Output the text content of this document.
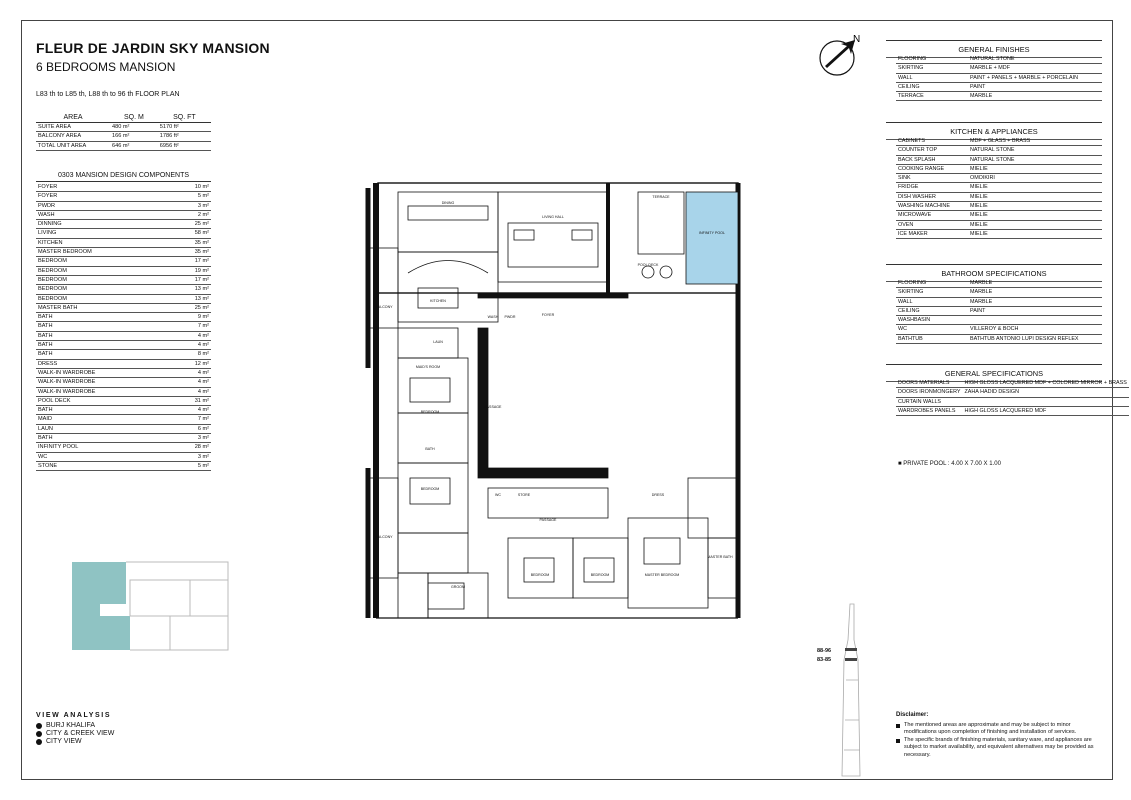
FLEUR DE JARDIN SKY MANSION
6 BEDROOMS MANSION
L83 th to L85 th, L88 th to 96 th FLOOR PLAN
AREA	SQ. M	SQ. FT
SUITE AREA	480 m²	5170 ft²
BALCONY AREA	166 m²	1786 ft²
TOTAL UNIT AREA	646 m²	6956 ft²
0303 MANSION DESIGN COMPONENTS
FOYER	10 m²
FOYER	5 m²
PWDR	3 m²
WASH	2 m²
DINNING	25 m²
LIVING	58 m²
KITCHEN	35 m²
MASTER BEDROOM	35 m²
BEDROOM	17 m²
BEDROOM	19 m²
BEDROOM	17 m²
BEDROOM	13 m²
BEDROOM	13 m²
MASTER BATH	25 m²
BATH	9 m²
BATH	7 m²
BATH	4 m²
BATH	4 m²
BATH	8 m²
DRESS	12 m²
WALK-IN WARDROBE	4 m²
WALK-IN WARDROBE	4 m²
WALK-IN WARDROBE	4 m²
POOL DECK	31 m²
BATH	4 m²
MAID	7 m²
LAUN	6 m²
BATH	3 m²
INFINITY POOL	28 m²
WC	3 m²
STONE	5 m²
GENERAL FINISHES
FLOORING	NATURAL STONE
SKIRTING	MARBLE + MDF
WALL	PAINT + PANELS + MARBLE + PORCELAIN
CEILING	PAINT
TERRACE	MARBLE
KITCHEN & APPLIANCES
CABINETS	MDF + GLASS + BRASS
COUNTER TOP	NATURAL STONE
BACK SPLASH	NATURAL STONE
COOKING RANGE	MIELIE
SINK	OMOIKIRI
FRIDGE	MIELIE
DISH WASHER	MIELIE
WASHING MACHINE	MIELIE
MICROWAVE	MIELIE
OVEN	MIELIE
ICE MAKER	MIELIE
BATHROOM SPECIFICATIONS
FLOORING	MARBLE
SKIRTING	MARBLE
WALL	MARBLE
CEILING	PAINT
WASHBASIN	
WC	VILLEROY & BOCH
BATHTUB	BATHTUB ANTONIO LUPI DESIGN REFLEX
GENERAL SPECIFICATIONS
DOORS MATERIALS	HIGH GLOSS LACQUERED MDF + COLORED MIRROR + BRASS
DOORS IRONMONGERY	ZAHA HADID DESIGN
CURTAIN WALLS	
WARDROBES PANELS	HIGH GLOSS LACQUERED MDF
■ PRIVATE POOL : 4.00 X 7.00 X 1.00
N
DINING
LIVING HALL
TERRACE
INFINITY POOL
POOL DECK
KITCHEN
BALCONY
FOYER
PASSAGE
PASSAGE
MAID'S ROOM
BEDROOM
BATH
BEDROOM
BALCONY
GROOM
BEDROOM	BEDROOM	MASTER BEDROOM
MASTER BATH
DRESS
WC	STORE
WASH PWDR
LAUN
88-96
83-85
VIEW ANALYSIS
BURJ KHALIFA
CITY & CREEK VIEW
CITY VIEW
Disclaimer:
The mentioned areas are approximate and may be subject to minor modifications upon completion of finishing and installation of services.
The specific brands of finishing materials, sanitary ware, and appliances are subject to market availability, and equivalent alternatives may be provided as necessary.
